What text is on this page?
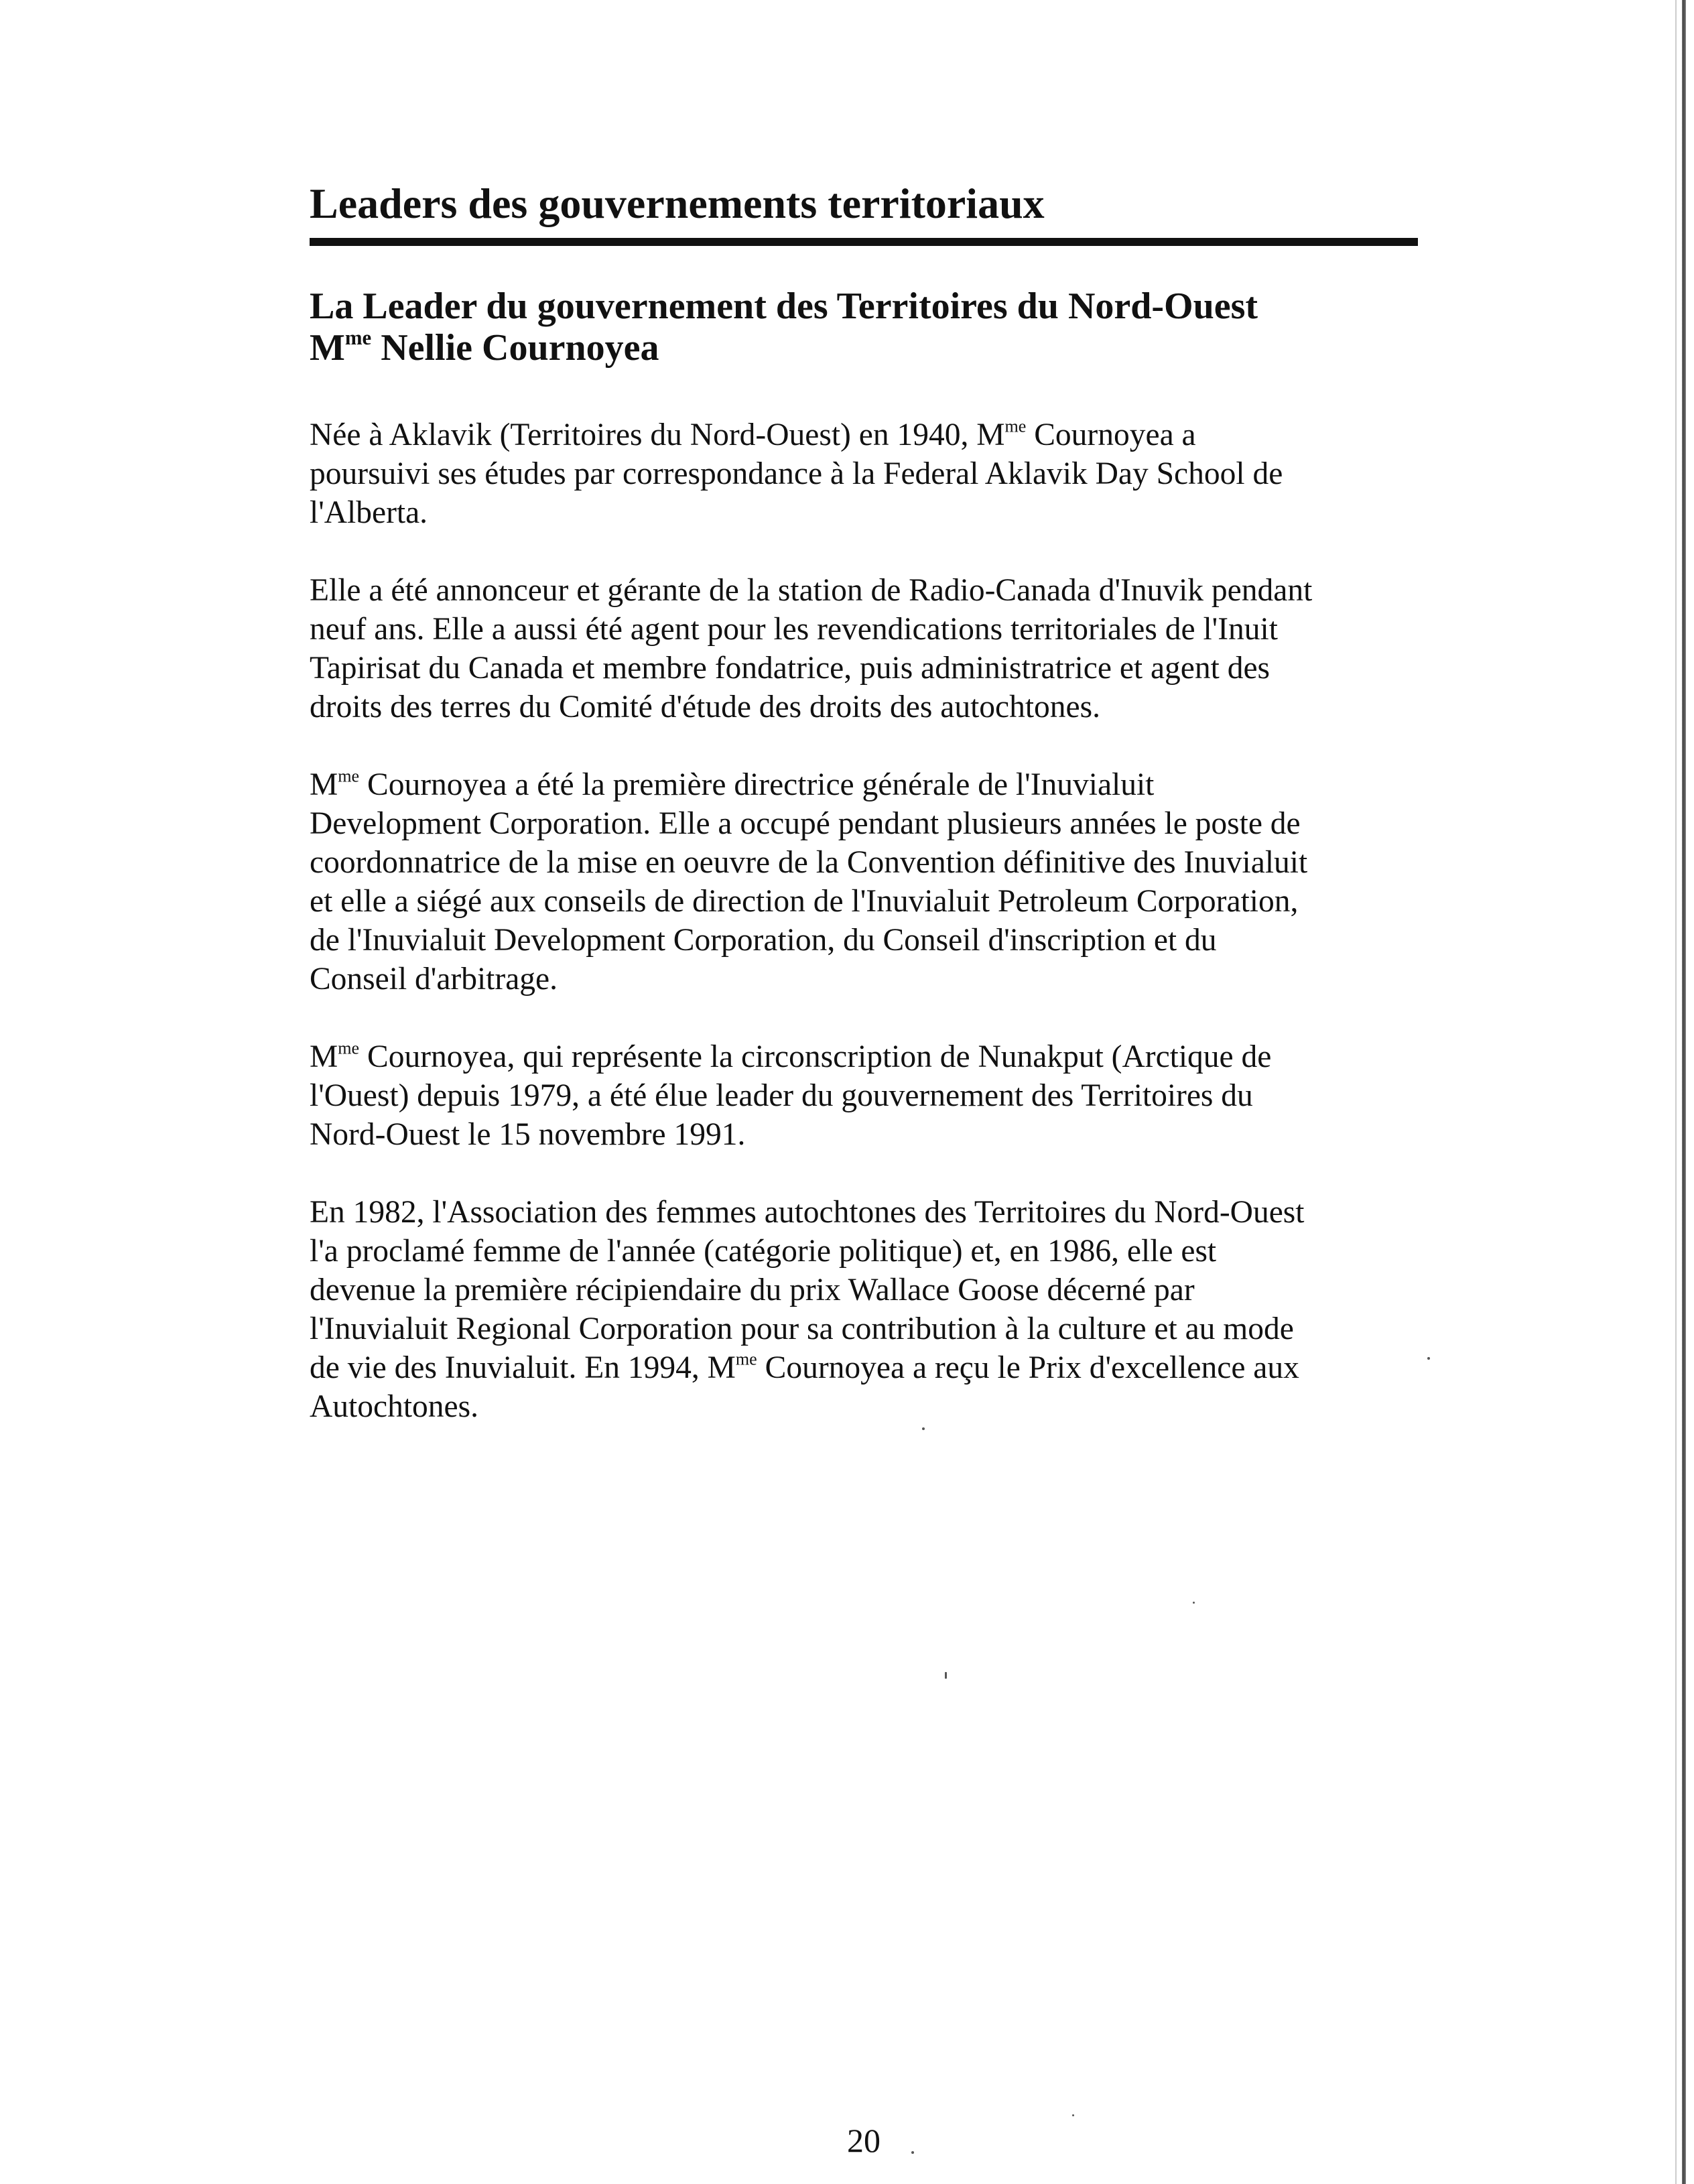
Leaders des gouvernements territoriaux

La Leader du gouvernement des Territoires du Nord-Ouest

$M^{me}$ Nellie Cournoyea

Née à Aklavik (Territoires du Nord-Ouest) en 1940, $M^{me}$ Cournoyea a
poursuivi ses études par correspondance à la Federal Aklavik Day School de
l'Alberta.

Elle a été annonceur et gérante de la station de Radio-Canada d'Inuvik pendant
neuf ans. Elle a aussi été agent pour les revendications territoriales de l'Inuit
Tapirisat du Canada et membre fondatrice, puis administratrice et agent des
droits des terres du Comité d'étude des droits des autochtones.

$M^{me}$ Cournoyea a été la première directrice générale de l'Inuvialuit
Development Corporation. Elle a occupé pendant plusieurs années le poste de
coordonnatrice de la mise en oeuvre de la Convention définitive des Inuvialuit
et elle a siégé aux conseils de direction de l'Inuvialuit Petroleum Corporation,
de l'Inuvialuit Development Corporation, du Conseil d'inscription et du
Conseil d'arbitrage.

$M^{me}$ Cournoyea, qui représente la circonscription de Nunakput (Arctique de
l'Ouest) depuis 1979, a été élue leader du gouvernement des Territoires du
Nord-Ouest le 15 novembre 1991.

En 1982, l'Association des femmes autochtones des Territoires du Nord-Ouest
l'a proclamé femme de l'année (catégorie politique) et, en 1986, elle est
devenue la première récipiendaire du prix Wallace Goose décerné par
l'Inuvialuit Regional Corporation pour sa contribution à la culture et au mode
de vie des Inuvialuit. En 1994, $M^{me}$ Cournoyea a reçu le Prix d'excellence aux
Autochtones.

20
